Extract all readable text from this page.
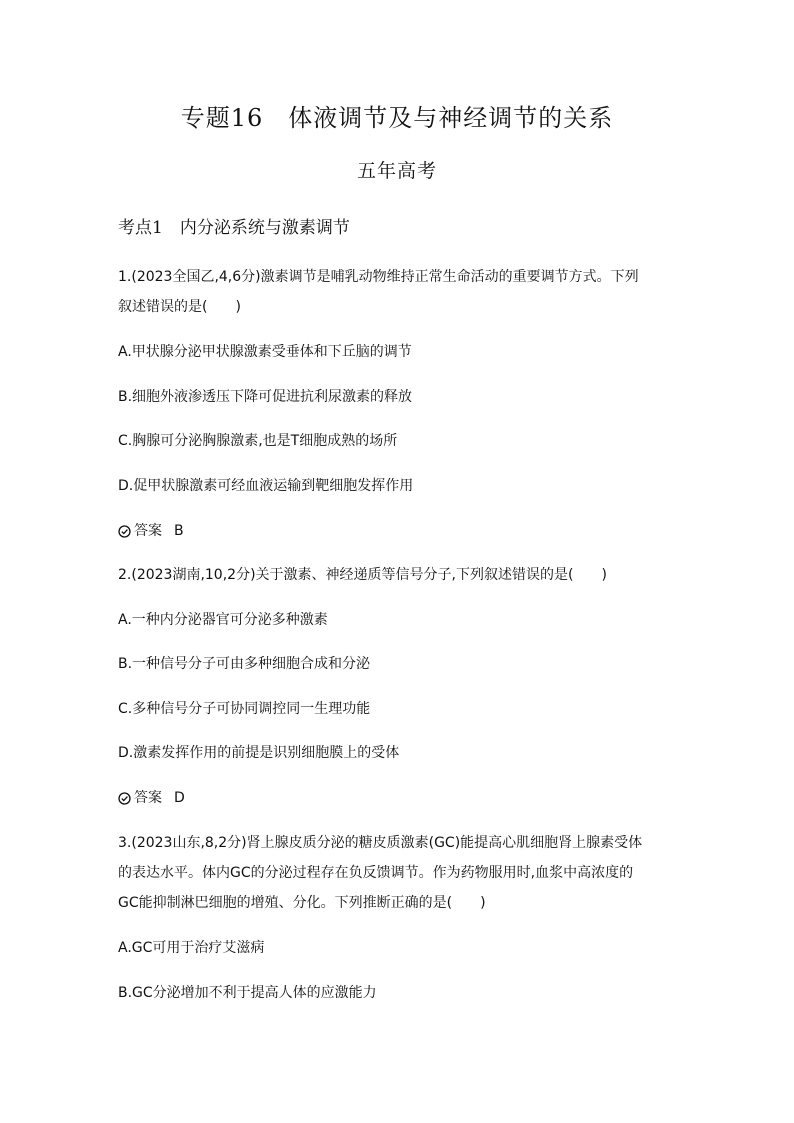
专题16　体液调节及与神经调节的关系
五年高考
考点1　内分泌系统与激素调节
1.(2023全国乙,4,6分)激素调节是哺乳动物维持正常生命活动的重要调节方式。下列
叙述错误的是(　　)
A.甲状腺分泌甲状腺激素受垂体和下丘脑的调节
B.细胞外液渗透压下降可促进抗利尿激素的释放
C.胸腺可分泌胸腺激素,也是T细胞成熟的场所
D.促甲状腺激素可经血液运输到靶细胞发挥作用
答案 B
2.(2023湖南,10,2分)关于激素、神经递质等信号分子,下列叙述错误的是(　　)
A.一种内分泌器官可分泌多种激素
B.一种信号分子可由多种细胞合成和分泌
C.多种信号分子可协同调控同一生理功能
D.激素发挥作用的前提是识别细胞膜上的受体
答案 D
3.(2023山东,8,2分)肾上腺皮质分泌的糖皮质激素(GC)能提高心肌细胞肾上腺素受体
的表达水平。体内GC的分泌过程存在负反馈调节。作为药物服用时,血浆中高浓度的
GC能抑制淋巴细胞的增殖、分化。下列推断正确的是(　　)
A.GC可用于治疗艾滋病
B.GC分泌增加不利于提高人体的应激能力
